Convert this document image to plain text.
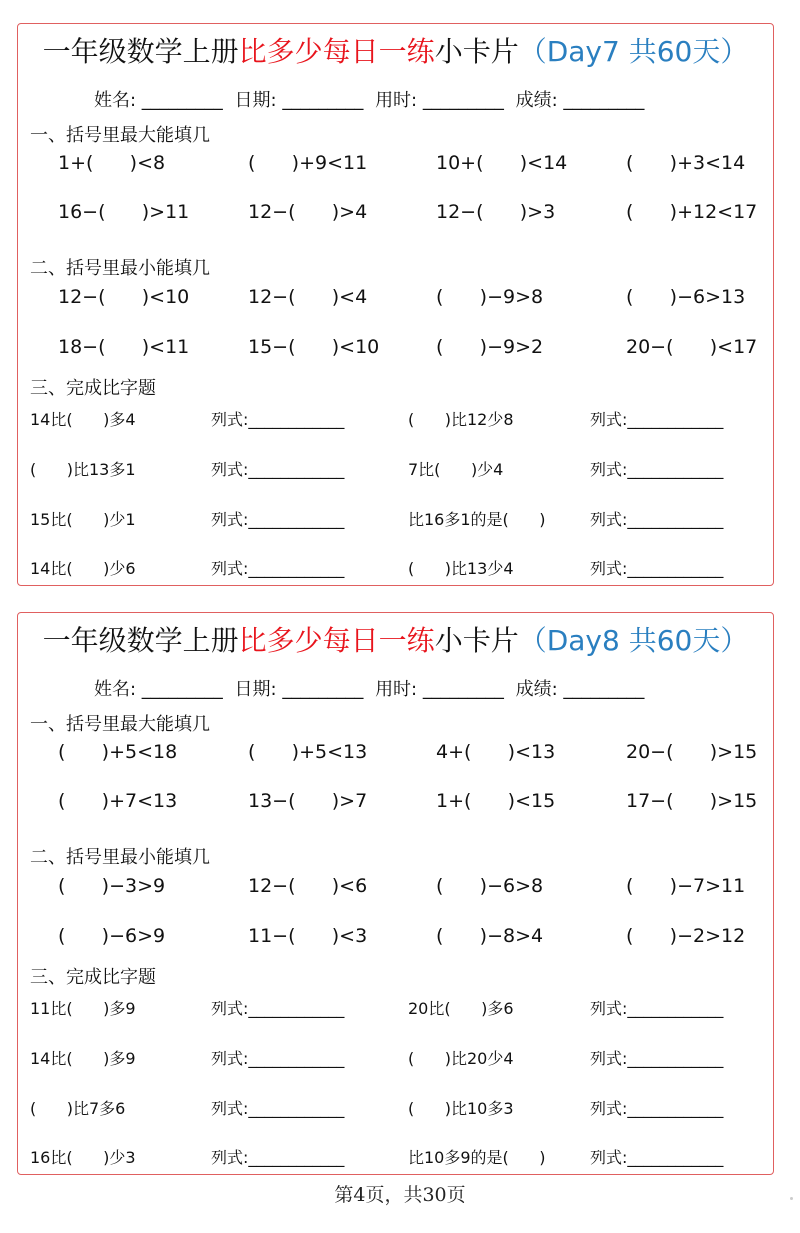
一年级数学上册比多少每日一练小卡片（Day7 共60天）
姓名: _________ 日期: _________ 用时: _________ 成绩: _________
一、括号里最大能填几
1+(      )<8	(      )+9<11	10+(      )<14	(      )+3<14
16−(      )>11	12−(      )>4	12−(      )>3	(      )+12<17
二、括号里最小能填几
12−(      )<10	12−(      )<4	(      )−9>8	(      )−6>13
18−(      )<11	15−(      )<10	(      )−9>2	20−(      )<17
三、完成比字题
14比(      )多4	列式:____________	(      )比12少8	列式:____________
(      )比13多1	列式:____________	7比(      )少4	列式:____________
15比(      )少1	列式:____________	比16多1的是(      )	列式:____________
14比(      )少6	列式:____________	(      )比13少4	列式:____________
一年级数学上册比多少每日一练小卡片（Day8 共60天）
姓名: _________ 日期: _________ 用时: _________ 成绩: _________
一、括号里最大能填几
(      )+5<18	(      )+5<13	4+(      )<13	20−(      )>15
(      )+7<13	13−(      )>7	1+(      )<15	17−(      )>15
二、括号里最小能填几
(      )−3>9	12−(      )<6	(      )−6>8	(      )−7>11
(      )−6>9	11−(      )<3	(      )−8>4	(      )−2>12
三、完成比字题
11比(      )多9	列式:____________	20比(      )多6	列式:____________
14比(      )多9	列式:____________	(      )比20少4	列式:____________
(      )比7多6	列式:____________	(      )比10多3	列式:____________
16比(      )少3	列式:____________	比10多9的是(      )	列式:____________
第4页，共30页
